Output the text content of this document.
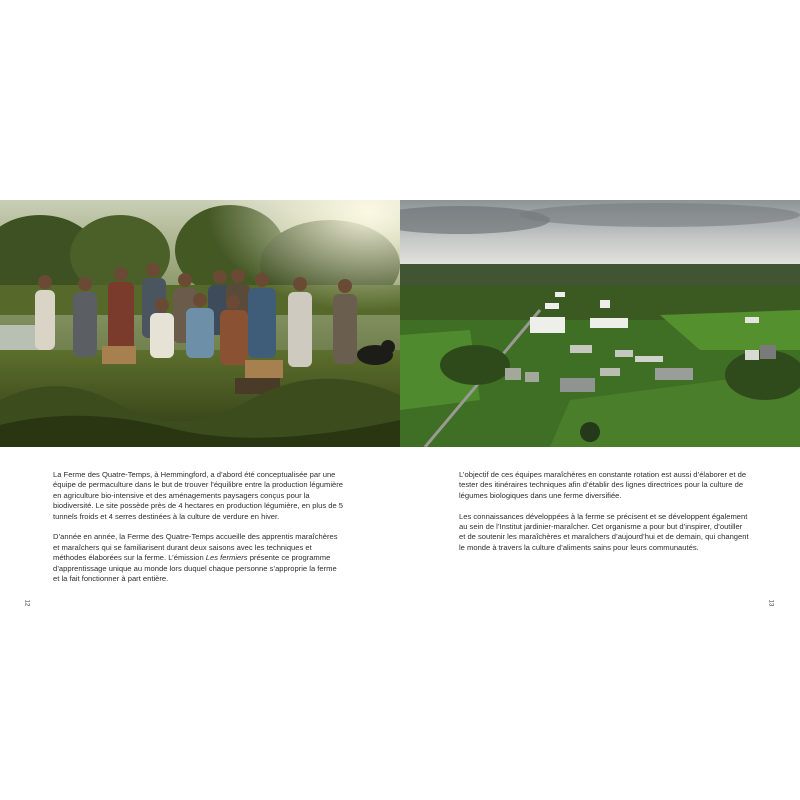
La Ferme des Quatre-Temps, à Hemmingford, a d’abord été conceptualisée par une équipe de permaculture dans le but de trouver l’équilibre entre la production légumière en agriculture bio-intensive et des aménagements paysagers conçus pour la biodiversité. Le site possède près de 4 hectares en production légumière, en plus de 5 tunnels froids et 4 serres destinées à la culture de verdure en hiver.

D’année en année, la Ferme des Quatre-Temps accueille des apprentis maraîchères et maraîchers qui se familiarisent durant deux saisons avec les techniques et méthodes élaborées sur la ferme. L’émission Les fermiers présente ce programme d’apprentissage unique au monde lors duquel chaque personne s’approprie la ferme et la fait fonctionner à part entière.

L’objectif de ces équipes maraîchères en constante rotation est aussi d’élaborer et de tester des itinéraires techniques afin d’établir des lignes directrices pour la culture de légumes biologiques dans une ferme diversifiée.

Les connaissances développées à la ferme se précisent et se développent également au sein de l’Institut jardinier-maraîcher. Cet organisme a pour but d’inspirer, d’outiller et de soutenir les maraîchères et maraîchers d’aujourd’hui et de demain, qui changent le monde à travers la culture d’aliments sains pour leurs communautés.

12	13
